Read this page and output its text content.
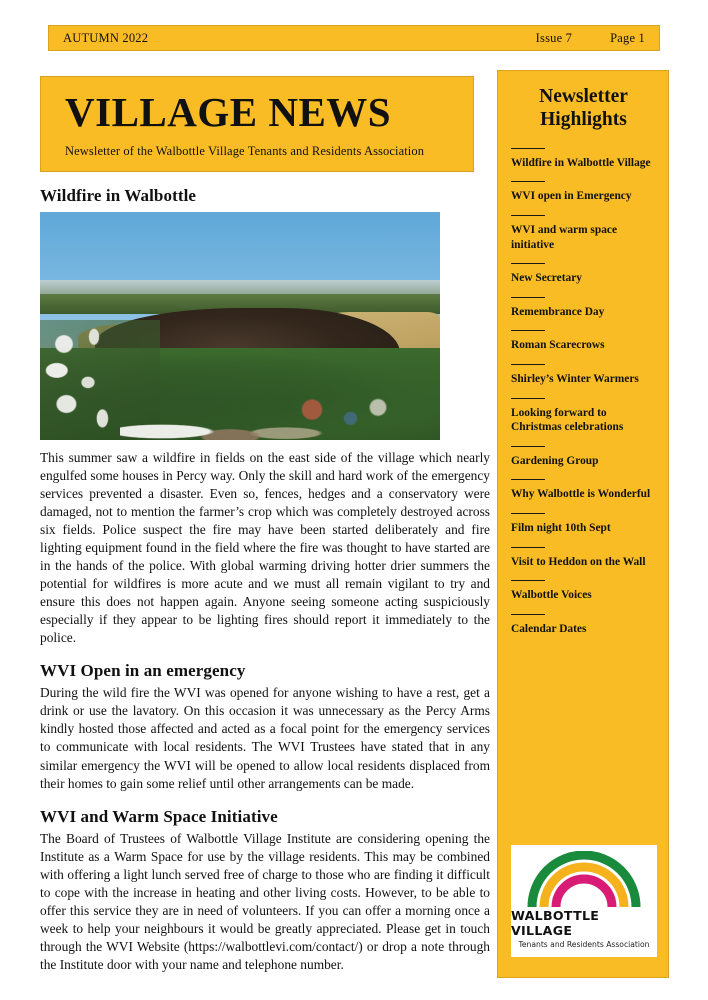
AUTUMN 2022	Issue 7	Page 1
VILLAGE NEWS

Newsletter of the Walbottle Village Tenants and Residents Association

Wildfire in Walbottle

This summer saw a wildfire in fields on the east side of the village which nearly engulfed some houses in Percy way. Only the skill and hard work of the emergency services prevented a disaster. Even so, fences, hedges and a conservatory were damaged, not to mention the farmer’s crop which was completely destroyed across six fields. Police suspect the fire may have been started deliberately and fire lighting equipment found in the field where the fire was thought to have started are in the hands of the police. With global warming driving hotter drier summers the potential for wildfires is more acute and we must all remain vigilant to try and ensure this does not happen again. Anyone seeing someone acting suspiciously especially if they appear to be lighting fires should report it immediately to the police.

WVI Open in an emergency

During the wild fire the WVI was opened for anyone wishing to have a rest, get a drink or use the lavatory. On this occasion it was unnecessary as the Percy Arms kindly hosted those affected and acted as a focal point for the emergency services to communicate with local residents. The WVI Trustees have stated that in any similar emergency the WVI will be opened to allow local residents displaced from their homes to gain some relief until other arrangements can be made.

WVI and Warm Space Initiative

The Board of Trustees of Walbottle Village Institute are considering opening the Institute as a Warm Space for use by the village residents. This may be combined with offering a light lunch served free of charge to those who are finding it difficult to cope with the increase in heating and other living costs. However, to be able to offer this service they are in need of volunteers. If you can offer a morning once a week to help your neighbours it would be greatly appreciated. Please get in touch through the WVI Website (https://walbottlevi.com/contact/) or drop a note through the Institute door with your name and telephone number.

Newsletter Highlights

Wildfire in Walbottle Village

WVI open in Emergency

WVI and warm space initiative

New Secretary

Remembrance Day

Roman Scarecrows

Shirley’s Winter Warmers

Looking forward to Christmas celebrations

Gardening Group

Why Walbottle is Wonderful

Film night 10th Sept

Visit to Heddon on the Wall

Walbottle Voices

Calendar Dates

WALBOTTLE VILLAGE

Tenants and Residents Association
